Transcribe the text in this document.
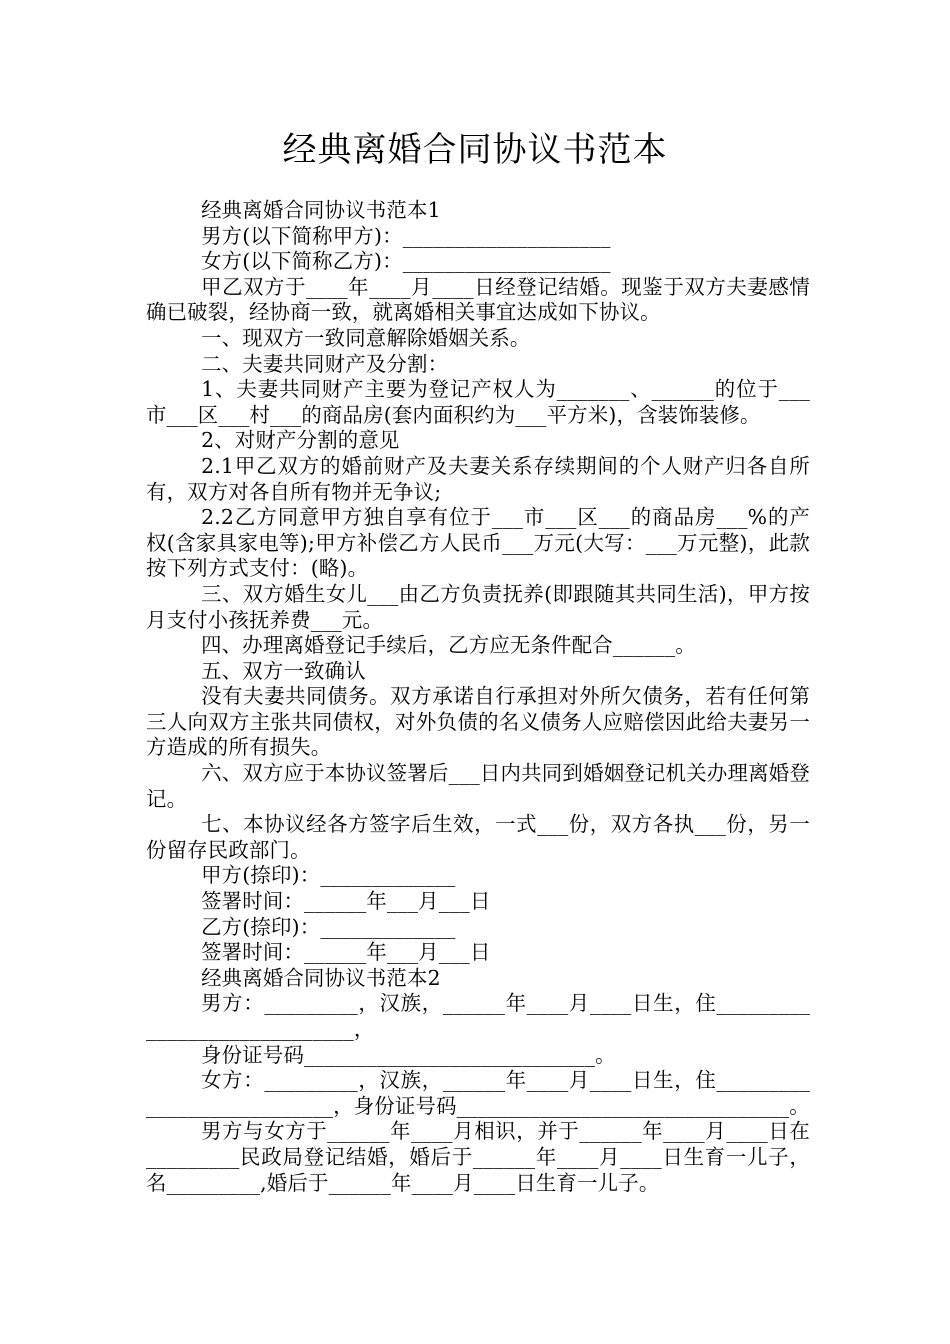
经典离婚合同协议书范本

经典离婚合同协议书范本1

男方(以下简称甲方)：____________________

女方(以下简称乙方)：____________________

甲乙双方于____年____月____日经登记结婚。现鉴于双方夫妻感情确已破裂，经协商一致，就离婚相关事宜达成如下协议。

一、现双方一致同意解除婚姻关系。

二、夫妻共同财产及分割：

1、夫妻共同财产主要为登记产权人为_______、______的位于___市___区___村___的商品房(套内面积约为___平方米)，含装饰装修。

2、对财产分割的意见

2.1甲乙双方的婚前财产及夫妻关系存续期间的个人财产归各自所有，双方对各自所有物并无争议;

2.2乙方同意甲方独自享有位于___市___区___的商品房___%的产权(含家具家电等);甲方补偿乙方人民币___万元(大写：___万元整)，此款按下列方式支付：(略)。

三、双方婚生女儿___由乙方负责抚养(即跟随其共同生活)，甲方按月支付小孩抚养费___元。

四、办理离婚登记手续后，乙方应无条件配合______。

五、双方一致确认

没有夫妻共同债务。双方承诺自行承担对外所欠债务，若有任何第三人向双方主张共同债权，对外负债的名义债务人应赔偿因此给夫妻另一方造成的所有损失。

六、双方应于本协议签署后___日内共同到婚姻登记机关办理离婚登记。

七、本协议经各方签字后生效，一式___份，双方各执___份，另一份留存民政部门。

甲方(捺印)：_____________

签署时间：______年___月___日

乙方(捺印)：_____________

签署时间：______年___月___日

经典离婚合同协议书范本2

男方：_________，汉族，______年____月____日生，住_____________________________，

身份证号码____________________________。

女方：_________，汉族，______年____月____日生，住___________________________，身份证号码________________________________。

男方与女方于______年____月相识，并于______年____月____日在_________民政局登记结婚，婚后于______年____月____日生育一儿子，名_________,婚后于______年____月____日生育一儿子。
